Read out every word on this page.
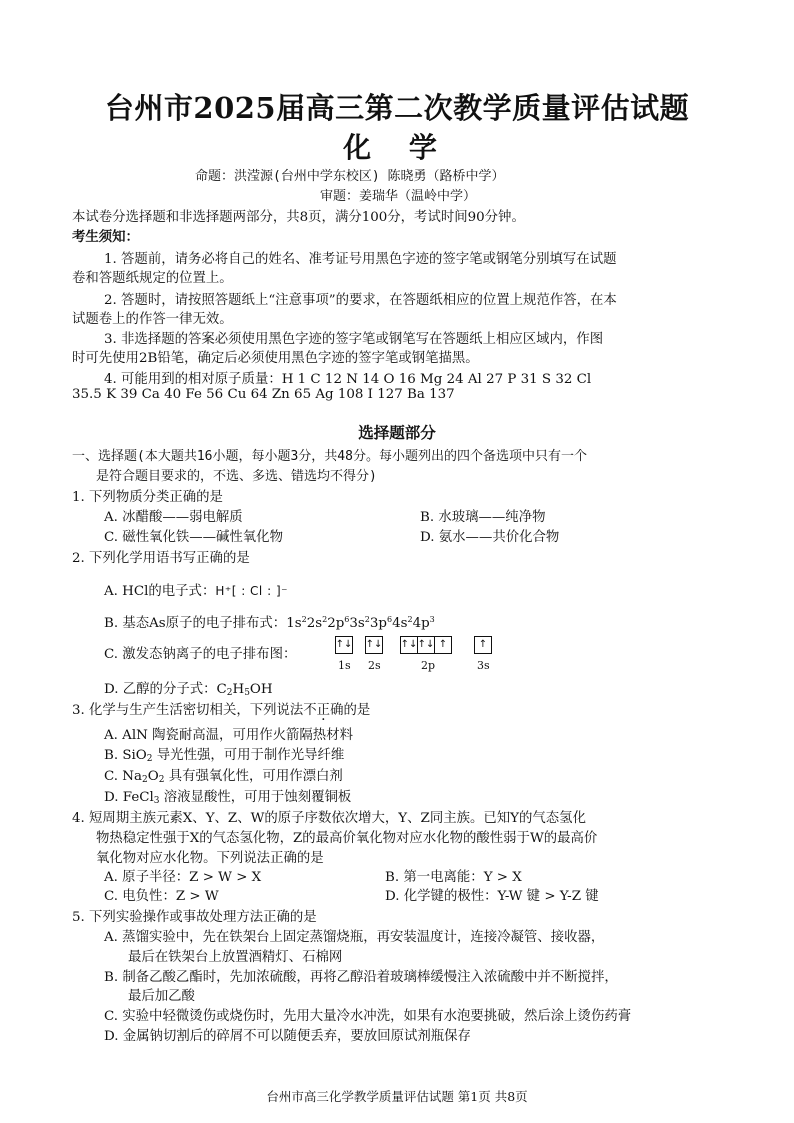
台州市2025届高三第二次教学质量评估试题
化 学
命题：洪滢源(台州中学东校区) 陈晓勇（路桥中学）
审题：姜瑞华（温岭中学）
本试卷分选择题和非选择题两部分，共8页，满分100分，考试时间90分钟。
考生须知：
1. 答题前，请务必将自己的姓名、准考证号用黑色字迹的签字笔或钢笔分别填写在试题
卷和答题纸规定的位置上。
2. 答题时，请按照答题纸上“注意事项”的要求，在答题纸相应的位置上规范作答，在本
试题卷上的作答一律无效。
3. 非选择题的答案必须使用黑色字迹的签字笔或钢笔写在答题纸上相应区域内，作图
时可先使用2B铅笔，确定后必须使用黑色字迹的签字笔或钢笔描黑。
4. 可能用到的相对原子质量：H 1 C 12 N 14 O 16 Mg 24 Al 27 P 31 S 32 Cl
35.5 K 39 Ca 40 Fe 56 Cu 64 Zn 65 Ag 108 I 127 Ba 137
选择题部分
一、选择题(本大题共16小题，每小题3分，共48分。每小题列出的四个备选项中只有一个
是符合题目要求的，不选、多选、错选均不得分)
1. 下列物质分类正确的是
A. 冰醋酸——弱电解质	B. 水玻璃——纯净物
C. 磁性氧化铁——碱性氧化物	D. 氨水——共价化合物
2. 下列化学用语书写正确的是
A. HCl的电子式：H⁺[ : Cl : ]⁻
B. 基态As原子的电子排布式：$1s^22s^22p^63s^23p^64s^24p^3$
C. 激发态钠离子的电子排布图：
↑↓ ↑↓ ↑↓ ↑↓ ↑	↑
1s 2s	2p	3s
D. 乙醇的分子式：$C_2H_5OH$
3. 化学与生产生活密切相关，下列说法不正确的是
A. AlN 陶瓷耐高温，可用作火箭隔热材料
B. SiO$_2$ 导光性强，可用于制作光导纤维
C. $Na_2O_2$ 具有强氧化性，可用作漂白剂
D. FeCl$_3$ 溶液显酸性，可用于蚀刻覆铜板
4. 短周期主族元素X、Y、Z、W的原子序数依次增大，Y、Z同主族。已知Y的气态氢化
物热稳定性强于X的气态氢化物，Z的最高价氧化物对应水化物的酸性弱于W的最高价
氧化物对应水化物。下列说法正确的是
A. 原子半径：Z > W > X	B. 第一电离能：Y > X
C. 电负性：Z > W	D. 化学键的极性：Y-W 键 > Y-Z 键
5. 下列实验操作或事故处理方法正确的是
A. 蒸馏实验中，先在铁架台上固定蒸馏烧瓶，再安装温度计，连接冷凝管、接收器，
最后在铁架台上放置酒精灯、石棉网
B. 制备乙酸乙酯时，先加浓硫酸，再将乙醇沿着玻璃棒缓慢注入浓硫酸中并不断搅拌，
最后加乙酸
C. 实验中轻微烫伤或烧伤时，先用大量冷水冲洗，如果有水泡要挑破，然后涂上烫伤药膏
D. 金属钠切割后的碎屑不可以随便丢弃，要放回原试剂瓶保存
台州市高三化学教学质量评估试题 第1页 共8页
